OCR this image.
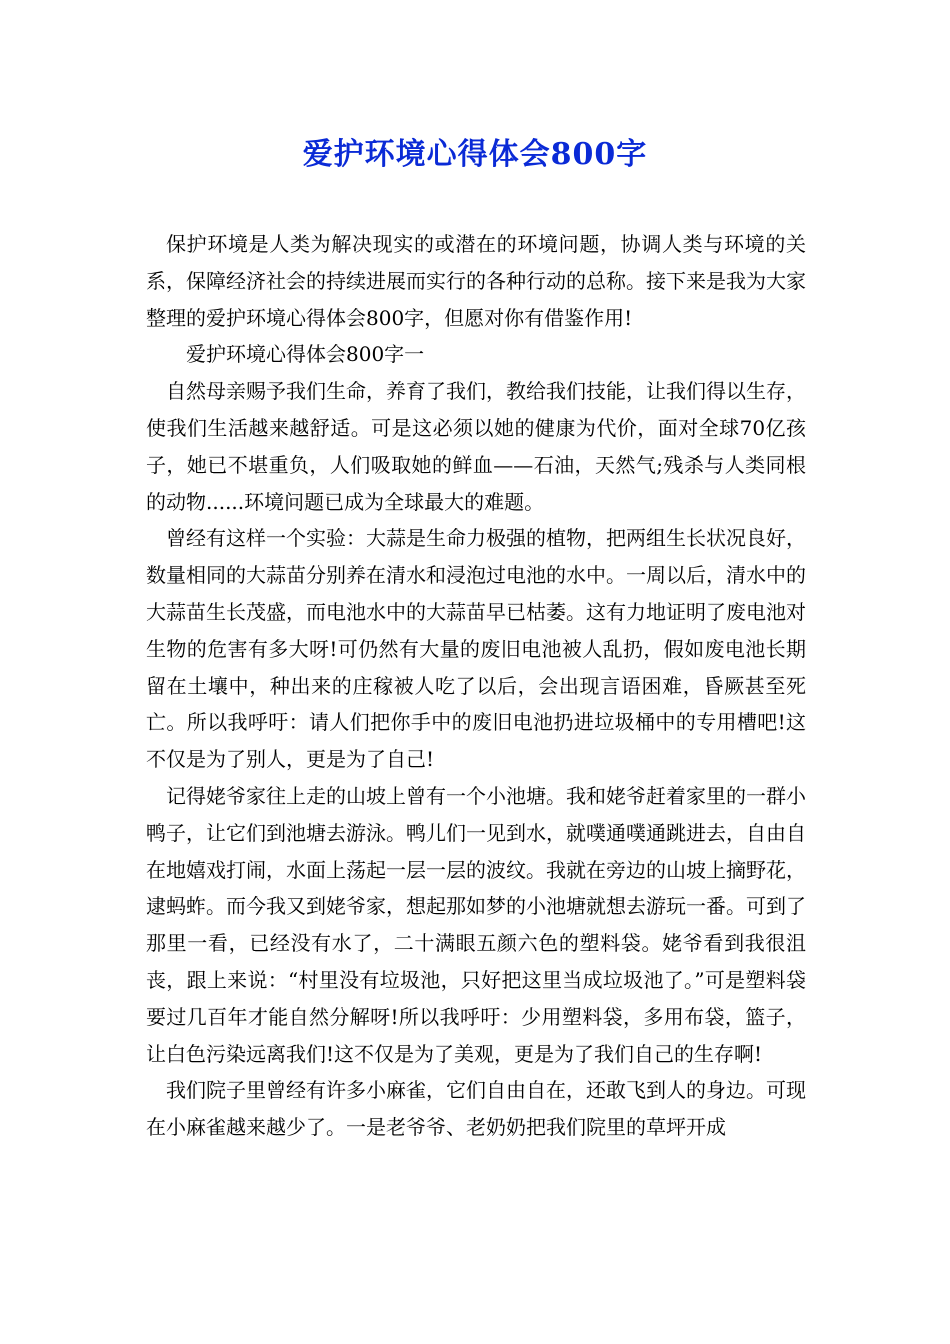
爱护环境心得体会800字

保护环境是人类为解决现实的或潜在的环境问题，协调人类与环境的关系，保障经济社会的持续进展而实行的各种行动的总称。接下来是我为大家整理的爱护环境心得体会800字，但愿对你有借鉴作用!

爱护环境心得体会800字一

自然母亲赐予我们生命，养育了我们，教给我们技能，让我们得以生存，使我们生活越来越舒适。可是这必须以她的健康为代价，面对全球70亿孩子，她已不堪重负，人们吸取她的鲜血——石油，天然气;残杀与人类同根的动物......环境问题已成为全球最大的难题。

曾经有这样一个实验：大蒜是生命力极强的植物，把两组生长状况良好，数量相同的大蒜苗分别养在清水和浸泡过电池的水中。一周以后，清水中的大蒜苗生长茂盛，而电池水中的大蒜苗早已枯萎。这有力地证明了废电池对生物的危害有多大呀!可仍然有大量的废旧电池被人乱扔，假如废电池长期留在土壤中，种出来的庄稼被人吃了以后，会出现言语困难，昏厥甚至死亡。所以我呼吁：请人们把你手中的废旧电池扔进垃圾桶中的专用槽吧!这不仅是为了别人，更是为了自己!

记得姥爷家往上走的山坡上曾有一个小池塘。我和姥爷赶着家里的一群小鸭子，让它们到池塘去游泳。鸭儿们一见到水，就噗通噗通跳进去，自由自在地嬉戏打闹，水面上荡起一层一层的波纹。我就在旁边的山坡上摘野花，逮蚂蚱。而今我又到姥爷家，想起那如梦的小池塘就想去游玩一番。可到了那里一看，已经没有水了，二十满眼五颜六色的塑料袋。姥爷看到我很沮丧，跟上来说：“村里没有垃圾池，只好把这里当成垃圾池了。”可是塑料袋要过几百年才能自然分解呀!所以我呼吁：少用塑料袋，多用布袋，篮子，让白色污染远离我们!这不仅是为了美观，更是为了我们自己的生存啊!

我们院子里曾经有许多小麻雀，它们自由自在，还敢飞到人的身边。可现在小麻雀越来越少了。一是老爷爷、老奶奶把我们院里的草坪开成
